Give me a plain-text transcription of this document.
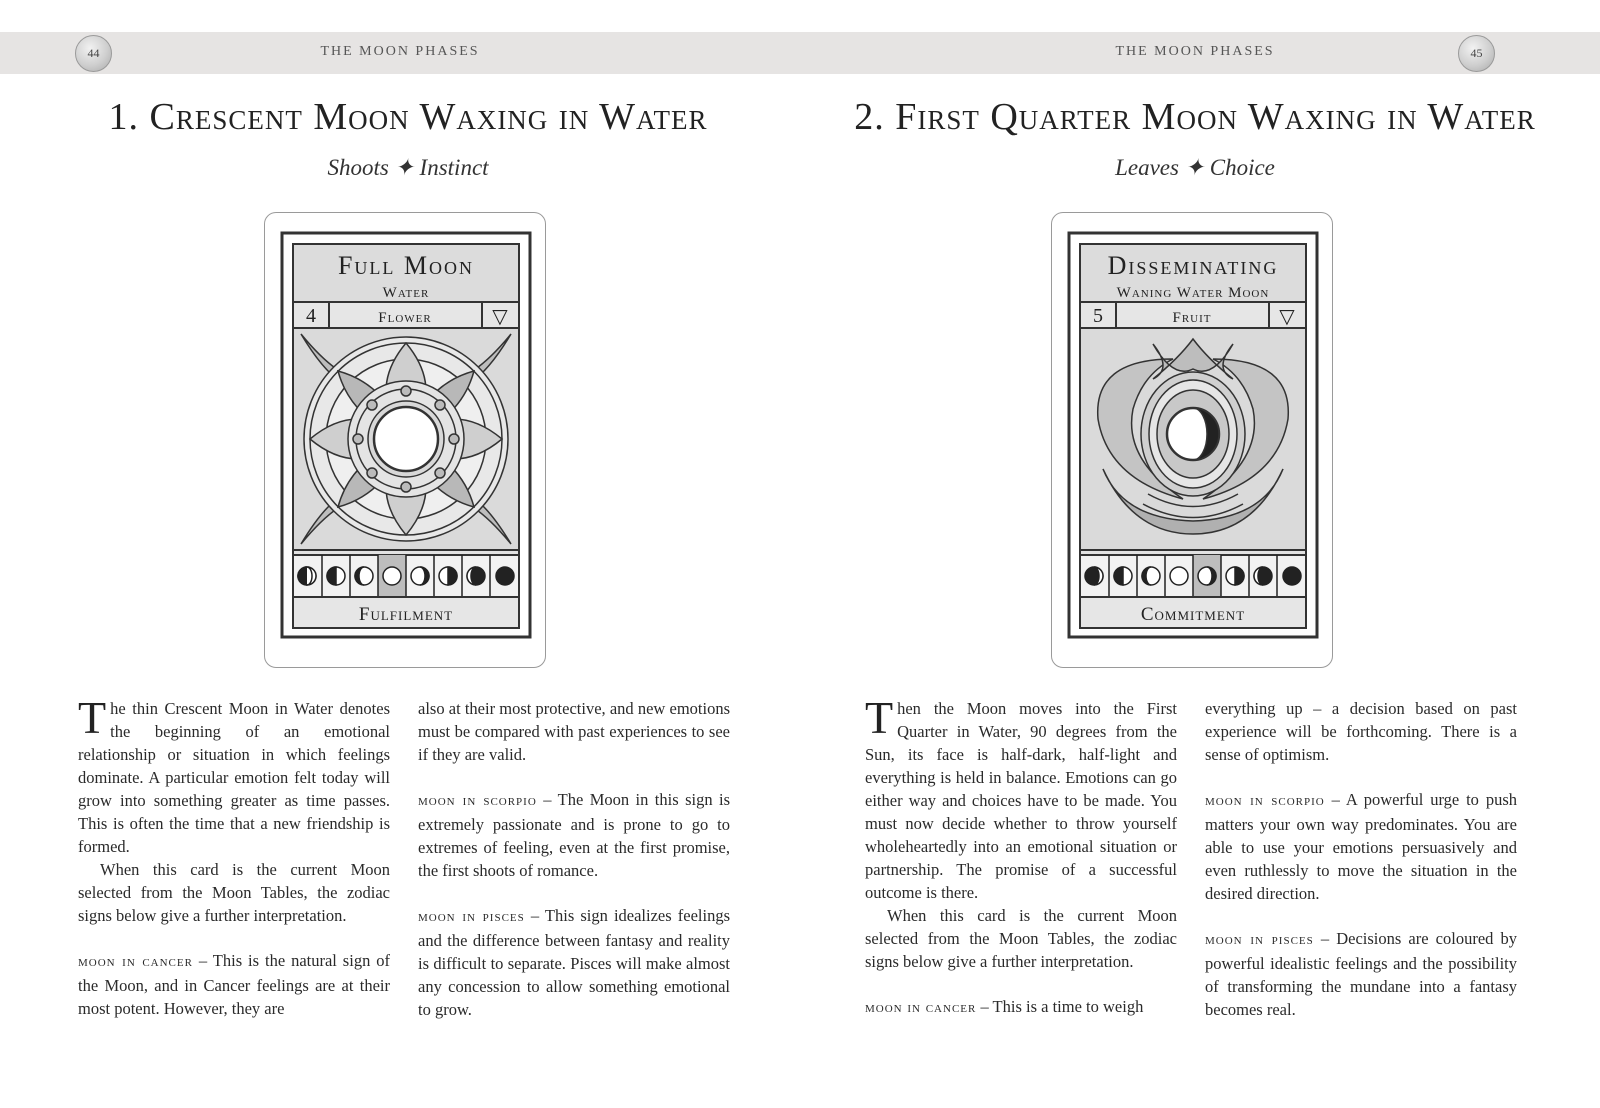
44	THE MOON PHASES	THE MOON PHASES	45
1. Crescent Moon Waxing in Water
Shoots ✦ Instinct
Full Moon
Water
4	Flower	▽
Fulfilment

The thin Crescent Moon in Water denotes the beginning of an emotional relationship or situation in which feelings dominate. A particular emotion felt today will grow into something greater as time passes. This is often the time that a new friendship is formed.

When this card is the current Moon selected from the Moon Tables, the zodiac signs below give a further interpretation.

moon in cancer – This is the natural sign of the Moon, and in Cancer feelings are at their most potent. However, they are

also at their most protective, and new emotions must be compared with past experiences to see if they are valid.

moon in scorpio – The Moon in this sign is extremely passionate and is prone to go to extremes of feeling, even at the first promise, the first shoots of romance.

moon in pisces – This sign idealizes feelings and the difference between fantasy and reality is difficult to separate. Pisces will make almost any concession to allow something emotional to grow.

2. First Quarter Moon Waxing in Water
Leaves ✦ Choice
Disseminating
Waning Water Moon
5	Fruit	▽
Commitment

Then the Moon moves into the First Quarter in Water, 90 degrees from the Sun, its face is half-dark, half-light and everything is held in balance. Emotions can go either way and choices have to be made. You must now decide whether to throw yourself wholeheartedly into an emotional situation or partnership. The promise of a successful outcome is there.

When this card is the current Moon selected from the Moon Tables, the zodiac signs below give a further interpretation.

moon in cancer – This is a time to weigh

everything up – a decision based on past experience will be forthcoming. There is a sense of optimism.

moon in scorpio – A powerful urge to push matters your own way predominates. You are able to use your emotions persuasively and even ruthlessly to move the situation in the desired direction.

moon in pisces – Decisions are coloured by powerful idealistic feelings and the possibility of transforming the mundane into a fantasy becomes real.
